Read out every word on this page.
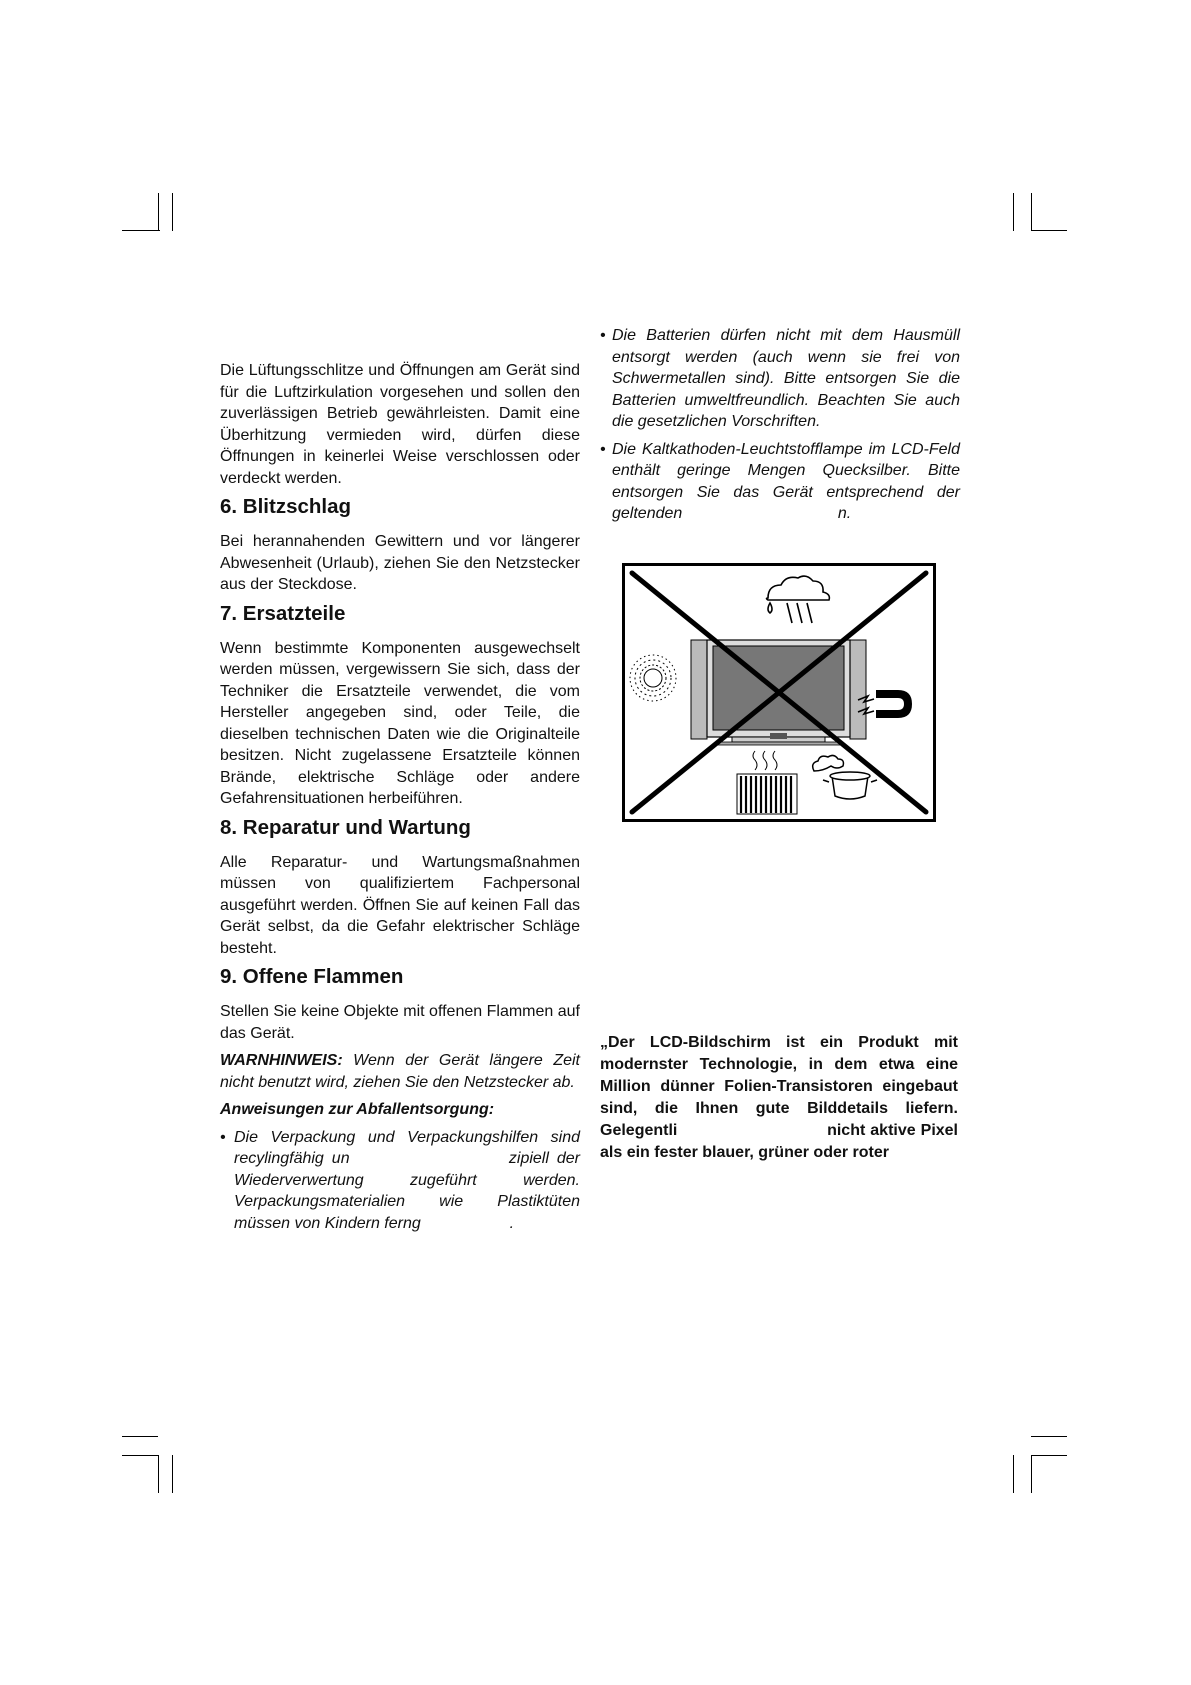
Die Lüftungsschlitze und Öffnungen am Gerät sind für die Luftzirkulation vorgesehen und sollen den zuverlässigen Betrieb gewährleisten. Damit eine Überhitzung vermieden wird, dürfen diese Öffnungen in keinerlei Weise verschlossen oder verdeckt werden.

6. Blitzschlag

Bei herannahenden Gewittern und vor längerer Abwesenheit (Urlaub), ziehen Sie den Netzstecker aus der Steckdose.

7. Ersatzteile

Wenn bestimmte Komponenten ausgewechselt werden müssen, vergewissern Sie sich, dass der Techniker die Ersatzteile verwendet, die vom Hersteller angegeben sind, oder Teile, die dieselben technischen Daten wie die Originalteile besitzen. Nicht zugelassene Ersatzteile können Brände, elektrische Schläge oder andere Gefahrensituationen herbeiführen.

8. Reparatur und Wartung

Alle Reparatur- und Wartungsmaßnahmen müssen von qualifiziertem Fachpersonal ausgeführt werden. Öffnen Sie auf keinen Fall das Gerät selbst, da die Gefahr elektrischer Schläge besteht.

9. Offene Flammen

Stellen Sie keine Objekte mit offenen Flammen auf das Gerät.

WARNHINWEIS: Wenn der Gerät längere Zeit nicht benutzt wird, ziehen Sie den Netzstecker ab.

Anweisungen zur Abfallentsorgung:

• Die Verpackung und Verpackungshilfen sind recylingfähig un                    zipiell der Wiederverwertung zugeführt werden. Verpackungsmaterialien wie Plastiktüten müssen von Kindern ferng                    .

• Die Batterien dürfen nicht mit dem Hausmüll entsorgt werden (auch wenn sie frei von Schwermetallen sind). Bitte entsorgen Sie die Batterien umweltfreundlich. Beachten Sie auch die gesetzlichen Vorschriften.

• Die Kaltkathoden-Leuchtstofflampe im LCD-Feld enthält geringe Mengen Quecksilber. Bitte entsorgen Sie das Gerät entsprechend der geltenden                                   n.

„Der LCD-Bildschirm ist ein Produkt mit modernster Technologie, in dem etwa eine Million dünner Folien-Transistoren eingebaut sind, die Ihnen gute Bilddetails liefern. Gelegentli                              nicht aktive Pixel als ein fester blauer, grüner oder roter
